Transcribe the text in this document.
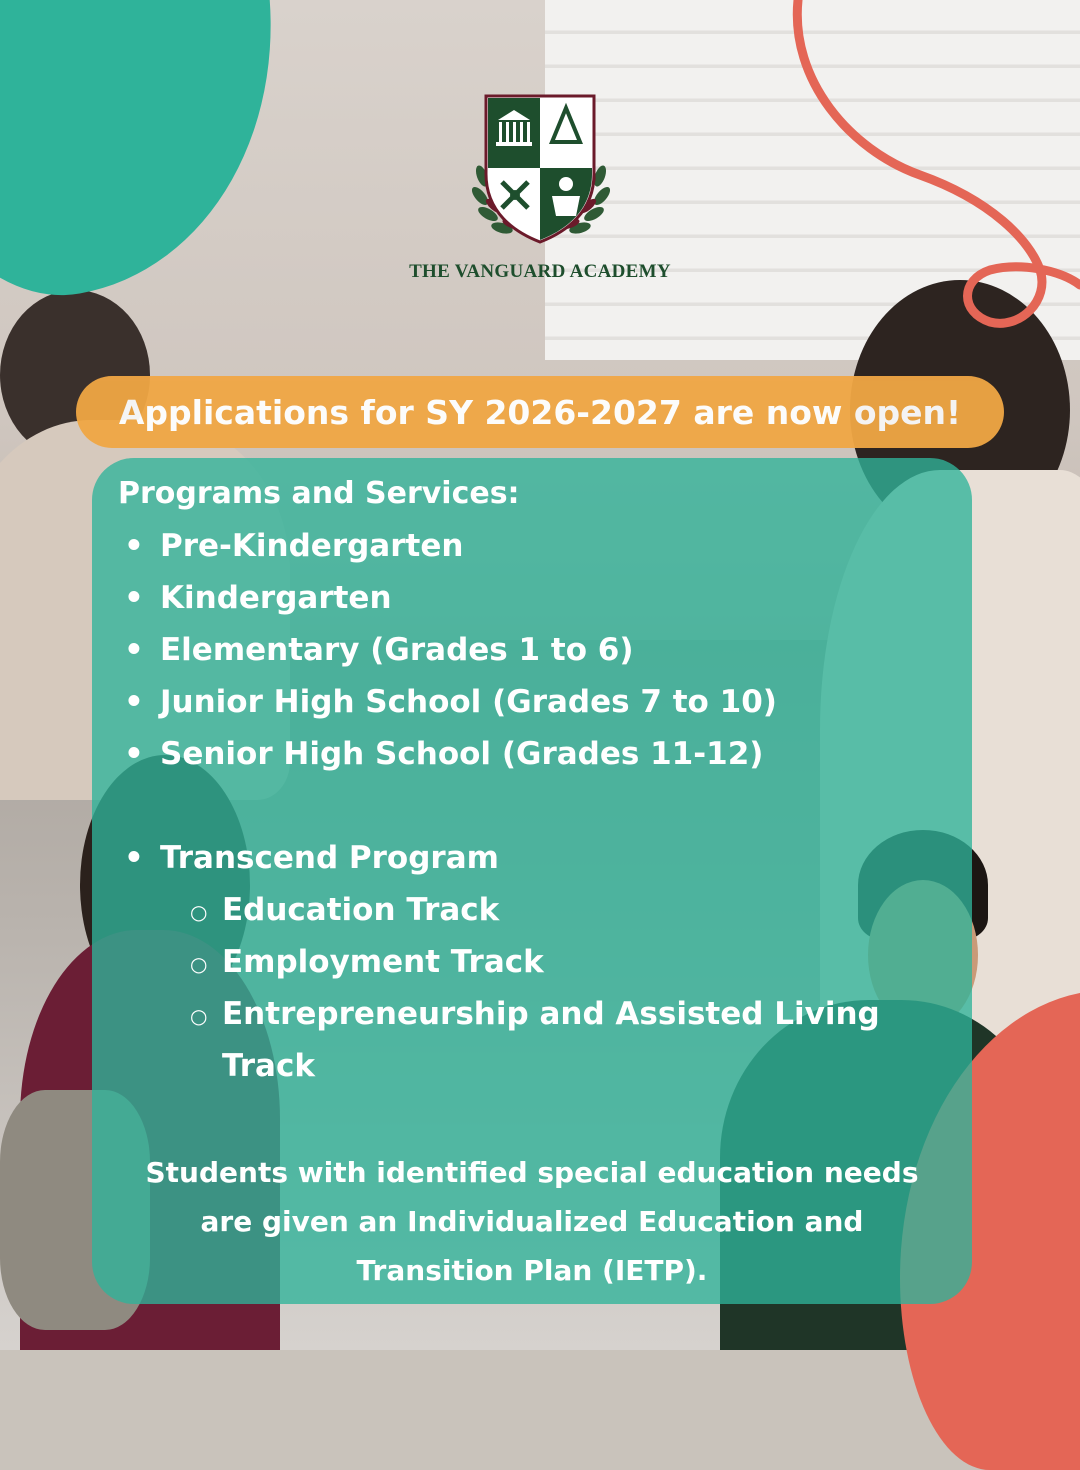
THE VANGUARD ACADEMY
Applications for SY 2026-2027 are now open!
Programs and Services:
• Pre-Kindergarten
• Kindergarten
• Elementary (Grades 1 to 6)
• Junior High School (Grades 7 to 10)
• Senior High School (Grades 11-12)
• Transcend Program
○ Education Track
○ Employment Track
○ Entrepreneurship and Assisted Living
Track
Students with identified special education needs
are given an Individualized Education and
Transition Plan (IETP).
